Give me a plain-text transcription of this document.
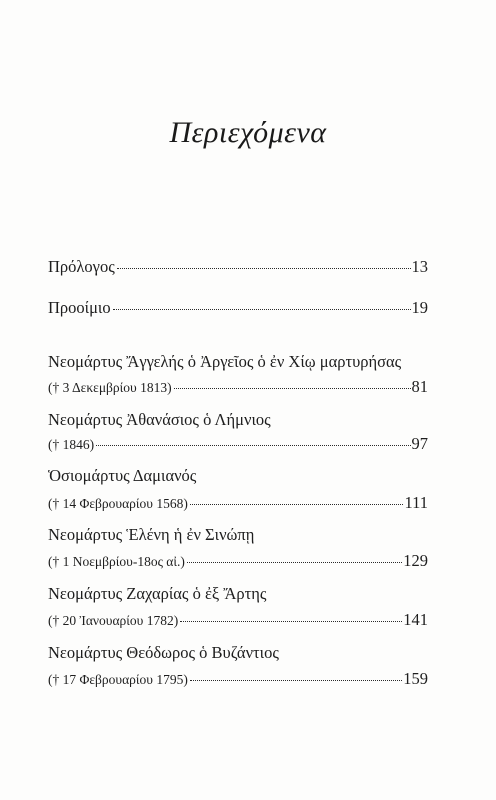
Περιεχόμενα
Πρόλογος	13
Προοίμιο	19
Νεομάρτυς Ἄγγελής ὁ Ἀργεῖος ὁ ἐν Χίῳ μαρτυρήσας
(† 3 Δεκεμβρίου 1813)	81
Νεομάρτυς Ἀθανάσιος ὁ Λήμνιος
(† 1846)	97
Ὁσιομάρτυς Δαμιανός
(† 14 Φεβρουαρίου 1568)	111
Νεομάρτυς Ἑλένη ἡ ἐν Σινώπῃ
(† 1 Νοεμβρίου-18ος αἰ.)	129
Νεομάρτυς Ζαχαρίας ὁ ἐξ Ἄρτης
(† 20 Ἰανουαρίου 1782)	141
Νεομάρτυς Θεόδωρος ὁ Βυζάντιος
(† 17 Φεβρουαρίου 1795)	159
